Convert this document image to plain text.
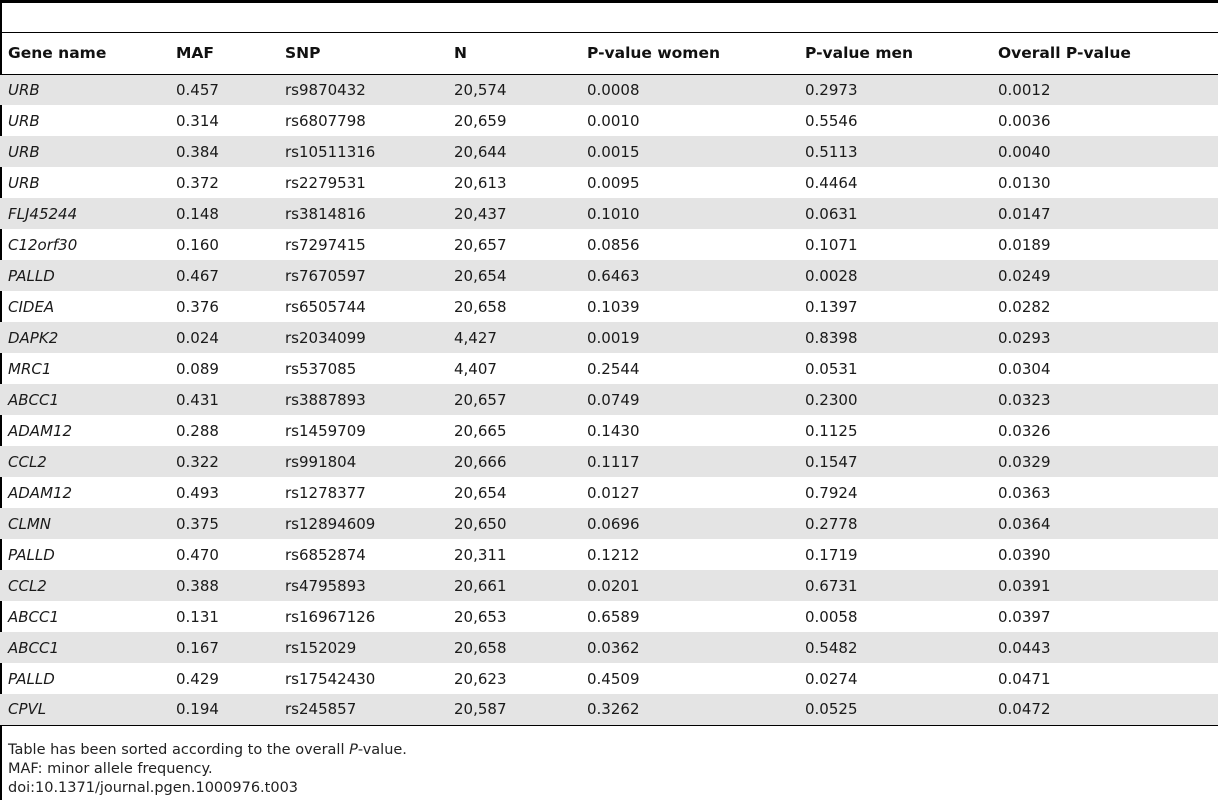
Gene name	MAF	SNP	N	P-value women	P-value men	Overall P-value
URB	0.457	rs9870432	20,574	0.0008	0.2973	0.0012
URB	0.314	rs6807798	20,659	0.0010	0.5546	0.0036
URB	0.384	rs10511316	20,644	0.0015	0.5113	0.0040
URB	0.372	rs2279531	20,613	0.0095	0.4464	0.0130
FLJ45244	0.148	rs3814816	20,437	0.1010	0.0631	0.0147
C12orf30	0.160	rs7297415	20,657	0.0856	0.1071	0.0189
PALLD	0.467	rs7670597	20,654	0.6463	0.0028	0.0249
CIDEA	0.376	rs6505744	20,658	0.1039	0.1397	0.0282
DAPK2	0.024	rs2034099	4,427	0.0019	0.8398	0.0293
MRC1	0.089	rs537085	4,407	0.2544	0.0531	0.0304
ABCC1	0.431	rs3887893	20,657	0.0749	0.2300	0.0323
ADAM12	0.288	rs1459709	20,665	0.1430	0.1125	0.0326
CCL2	0.322	rs991804	20,666	0.1117	0.1547	0.0329
ADAM12	0.493	rs1278377	20,654	0.0127	0.7924	0.0363
CLMN	0.375	rs12894609	20,650	0.0696	0.2778	0.0364
PALLD	0.470	rs6852874	20,311	0.1212	0.1719	0.0390
CCL2	0.388	rs4795893	20,661	0.0201	0.6731	0.0391
ABCC1	0.131	rs16967126	20,653	0.6589	0.0058	0.0397
ABCC1	0.167	rs152029	20,658	0.0362	0.5482	0.0443
PALLD	0.429	rs17542430	20,623	0.4509	0.0274	0.0471
CPVL	0.194	rs245857	20,587	0.3262	0.0525	0.0472
Table has been sorted according to the overall P-value.
MAF: minor allele frequency.
doi:10.1371/journal.pgen.1000976.t003
